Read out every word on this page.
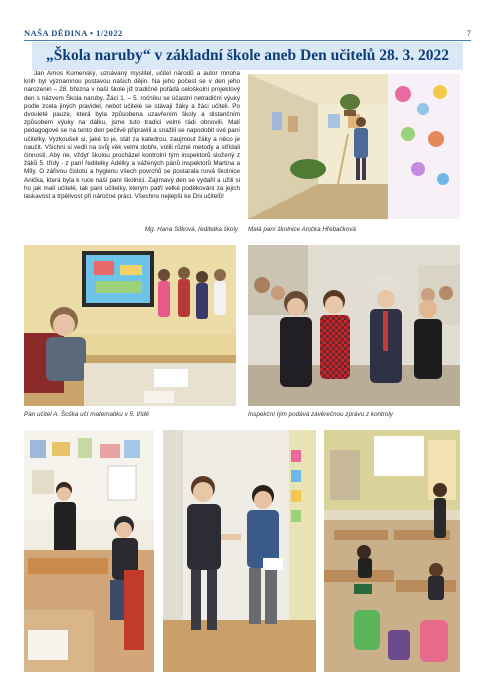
NAŠA DĚDINA • 1/2022	7
„Škola naruby“ v základní škole aneb Den učitelů 28. 3. 2022

Jan Amos Komenský, uznávaný myslitel, učitel národů a autor mnoha knih byl významnou postavou našich dějin. Na jeho počest se v den jeho narozenin – 28. března v naší škole již tradičně pořádá celoškolní projektový den s názvem Škola naruby. Žáci 1. – 5. ročníku se účastní netradiční výuky podle zcela jiných pravidel, nebot učitelé se stávají žáky a žáci učiteli. Po dvouleté pauze, která byla způsobena uzavřením školy a distančním způsobem výuky na dálku, jsme tuto tradici velmi rádi obnovili. Malí pedagogové se na tento den pečlivě připravili a snažili se napodobit své paní učitelky. Vyzkoušeli si, jaké to je, stát za katedrou, zaujmout žáky a něco je naučit. Všichni si vedli na svůj věk velmi dobře, volili různé metody a střídali činnosti. Aby ne, vždyť školou procházel kontrolní tým inspektorů složený z žáků 5. třídy - z paní ředitelky Adélky a vážených pánů inspektorů Martina a Míly. O zářivou čistotu a hygienu všech povrchů se postarala nová školnice Anička, která byla k ruce naší paní školnici. Zajímavý den se vydařil a užili si ho jak malí učitelé, tak paní učitelky, kterým patří velké poděkování za jejich laskavost a trpělivost při náročné práci. Všechno nejlepší ke Dni učitelů!

Mg. Hana Sitková, ředitelka školy Malá paní školnice Anička Hřebačková
Pan učitel A. Šoška učí matematiku v 5. třídě	Inspekční tým podává závěrečnou zprávu z kontroly
